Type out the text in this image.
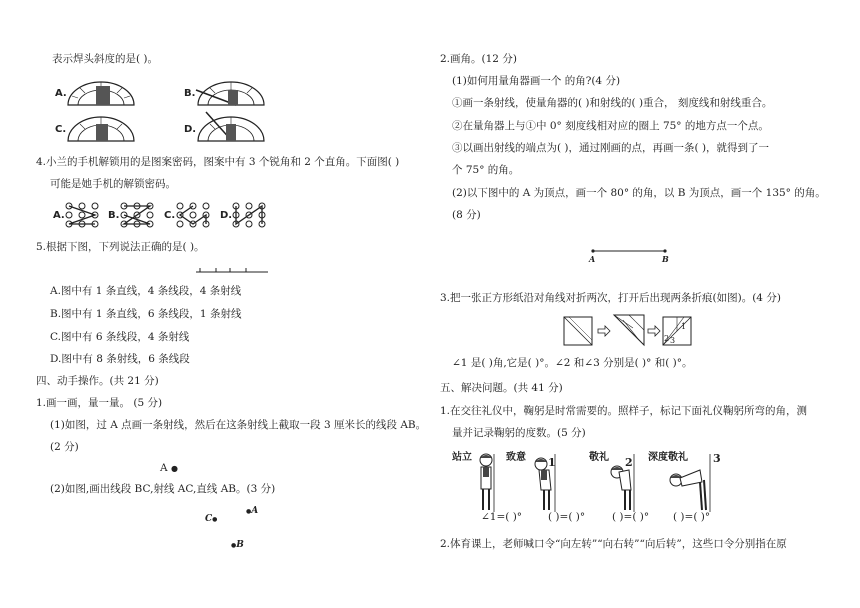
表示焊头斜度的是( )。
A.	B.
C.	D.
4.小兰的手机解锁用的是图案密码，图案中有 3 个锐角和 2 个直角。下面图( )
可能是她手机的解锁密码。
A.	B.	C.	D.
5.根据下图，下列说法正确的是( )。
A.图中有 1 条直线，4 条线段，4 条射线
B.图中有 1 条直线，6 条线段，1 条射线
C.图中有 6 条线段，4 条射线
D.图中有 8 条射线，6 条线段
四、动手操作。(共 21 分)
1.画一画，量一量。 (5 分)
(1)如图，过 A 点画一条射线，然后在这条射线上截取一段 3 厘米长的线段 AB。
(2 分)
A ●
(2)如图,画出线段 BC,射线 AC,直线 AB。(3 分)
C●
●A
●B
2.画角。(12 分)
(1)如何用量角器画一个 的角?(4 分)
①画一条射线，使量角器的( )和射线的( )重合， 刻度线和射线重合。
②在量角器上与①中 0° 刻度线相对应的圈上 75° 的地方点一个点。
③以画出射线的端点为( )，通过刚画的点，再画一条( )，就得到了一
个 75° 的角。
(2)以下图中的 A 为顶点，画一个 80° 的角，以 B 为顶点，画一个 135° 的角。
(8 分)
A	B
3.把一张正方形纸沿对角线对折两次，打开后出现两条折痕(如图)。(4 分)
2 3
1
∠1 是( )角,它是( )°。∠2 和∠3 分别是( )° 和( )°。
五、解决问题。(共 41 分)
1.在交往礼仪中，鞠躬是时常需要的。照样子，标记下面礼仪鞠躬所弯的角，测
量并记录鞠躬的度数。(5 分)
站立	致意	敬礼	深度敬礼
1	2	3
∠1=( )° ( )=( )°	( )=( )° ( )=( )°
2.体育课上，老师喊口令“向左转”“向右转”“向后转”，这些口令分别指在原
